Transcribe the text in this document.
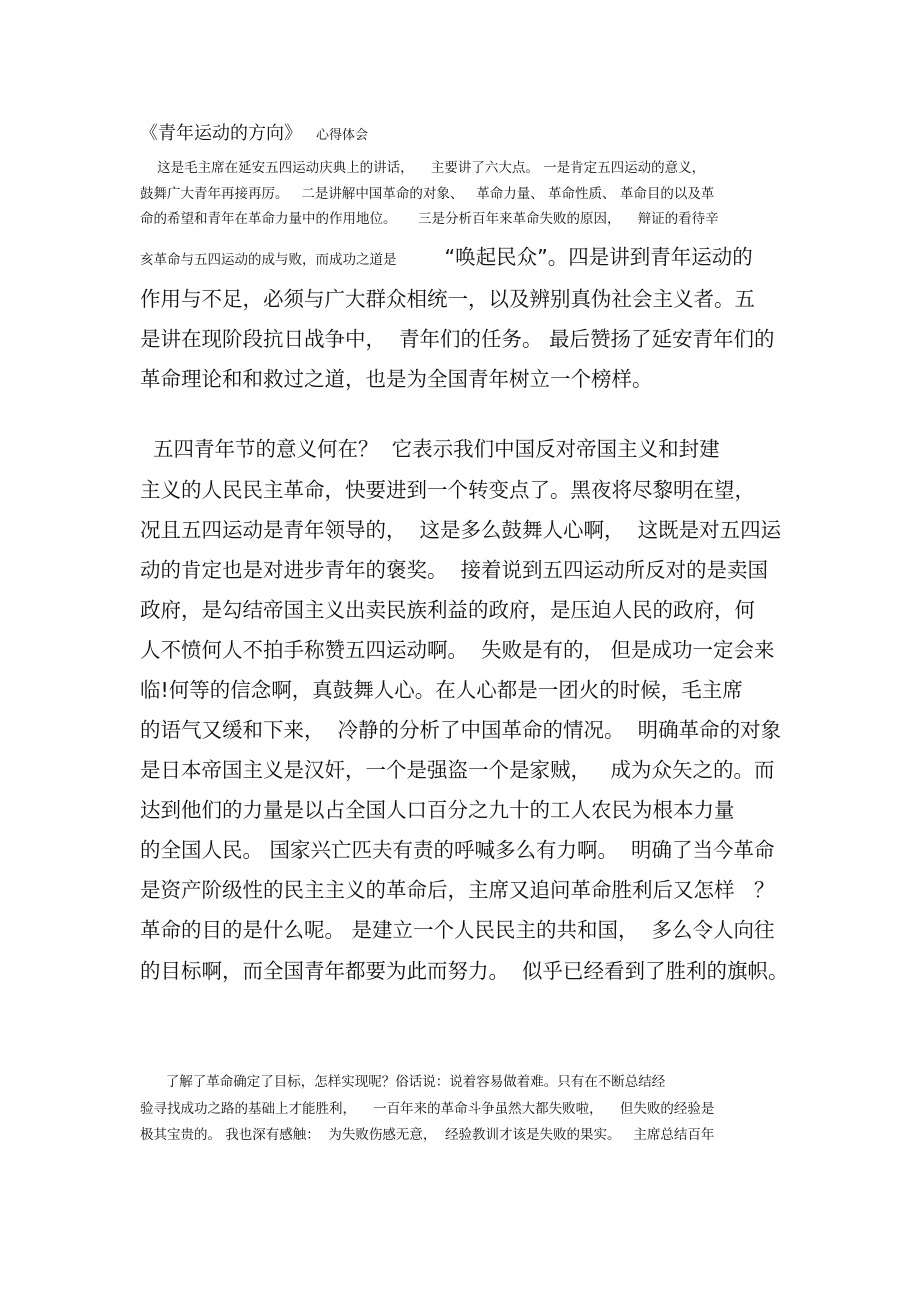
《青年运动的方向》 心得体会
这是毛主席在延安五四运动庆典上的讲话，    主要讲了六大点。 一是肯定五四运动的意义，
鼓舞广大青年再接再厉。   二是讲解中国革命的对象、   革命力量、 革命性质、 革命目的以及革
命的希望和青年在革命力量中的作用地位。     三是分析百年来革命失败的原因，    辩证的看待辛
亥革命与五四运动的成与败，而成功之道是 “唤起民众”。四是讲到青年运动的
作用与不足，必须与广大群众相统一，以及辨别真伪社会主义者。五
是讲在现阶段抗日战争中，  青年们的任务。 最后赞扬了延安青年们的
革命理论和和救过之道，也是为全国青年树立一个榜样。
五四青年节的意义何在？  它表示我们中国反对帝国主义和封建
主义的人民民主革命，快要进到一个转变点了。黑夜将尽黎明在望，
况且五四运动是青年领导的，  这是多么鼓舞人心啊，  这既是对五四运
动的肯定也是对进步青年的褒奖。  接着说到五四运动所反对的是卖国
政府，是勾结帝国主义出卖民族利益的政府，是压迫人民的政府，何
人不愤何人不拍手称赞五四运动啊。  失败是有的， 但是成功一定会来
临!何等的信念啊，真鼓舞人心。在人心都是一团火的时候，毛主席
的语气又缓和下来，  冷静的分析了中国革命的情况。  明确革命的对象
是日本帝国主义是汉奸，一个是强盗一个是家贼，   成为众矢之的。而
达到他们的力量是以占全国人口百分之九十的工人农民为根本力量
的全国人民。 国家兴亡匹夫有责的呼喊多么有力啊。  明确了当今革命
是资产阶级性的民主主义的革命后，主席又追问革命胜利后又怎样   ？
革命的目的是什么呢。 是建立一个人民民主的共和国，  多么令人向往
的目标啊，而全国青年都要为此而努力。  似乎已经看到了胜利的旗帜。
了解了革命确定了目标，怎样实现呢？俗话说：说着容易做着难。只有在不断总结经
验寻找成功之路的基础上才能胜利，    一百年来的革命斗争虽然大都失败啦，    但失败的经验是
极其宝贵的。 我也深有感触：  为失败伤感无意，  经验教训才该是失败的果实。   主席总结百年
